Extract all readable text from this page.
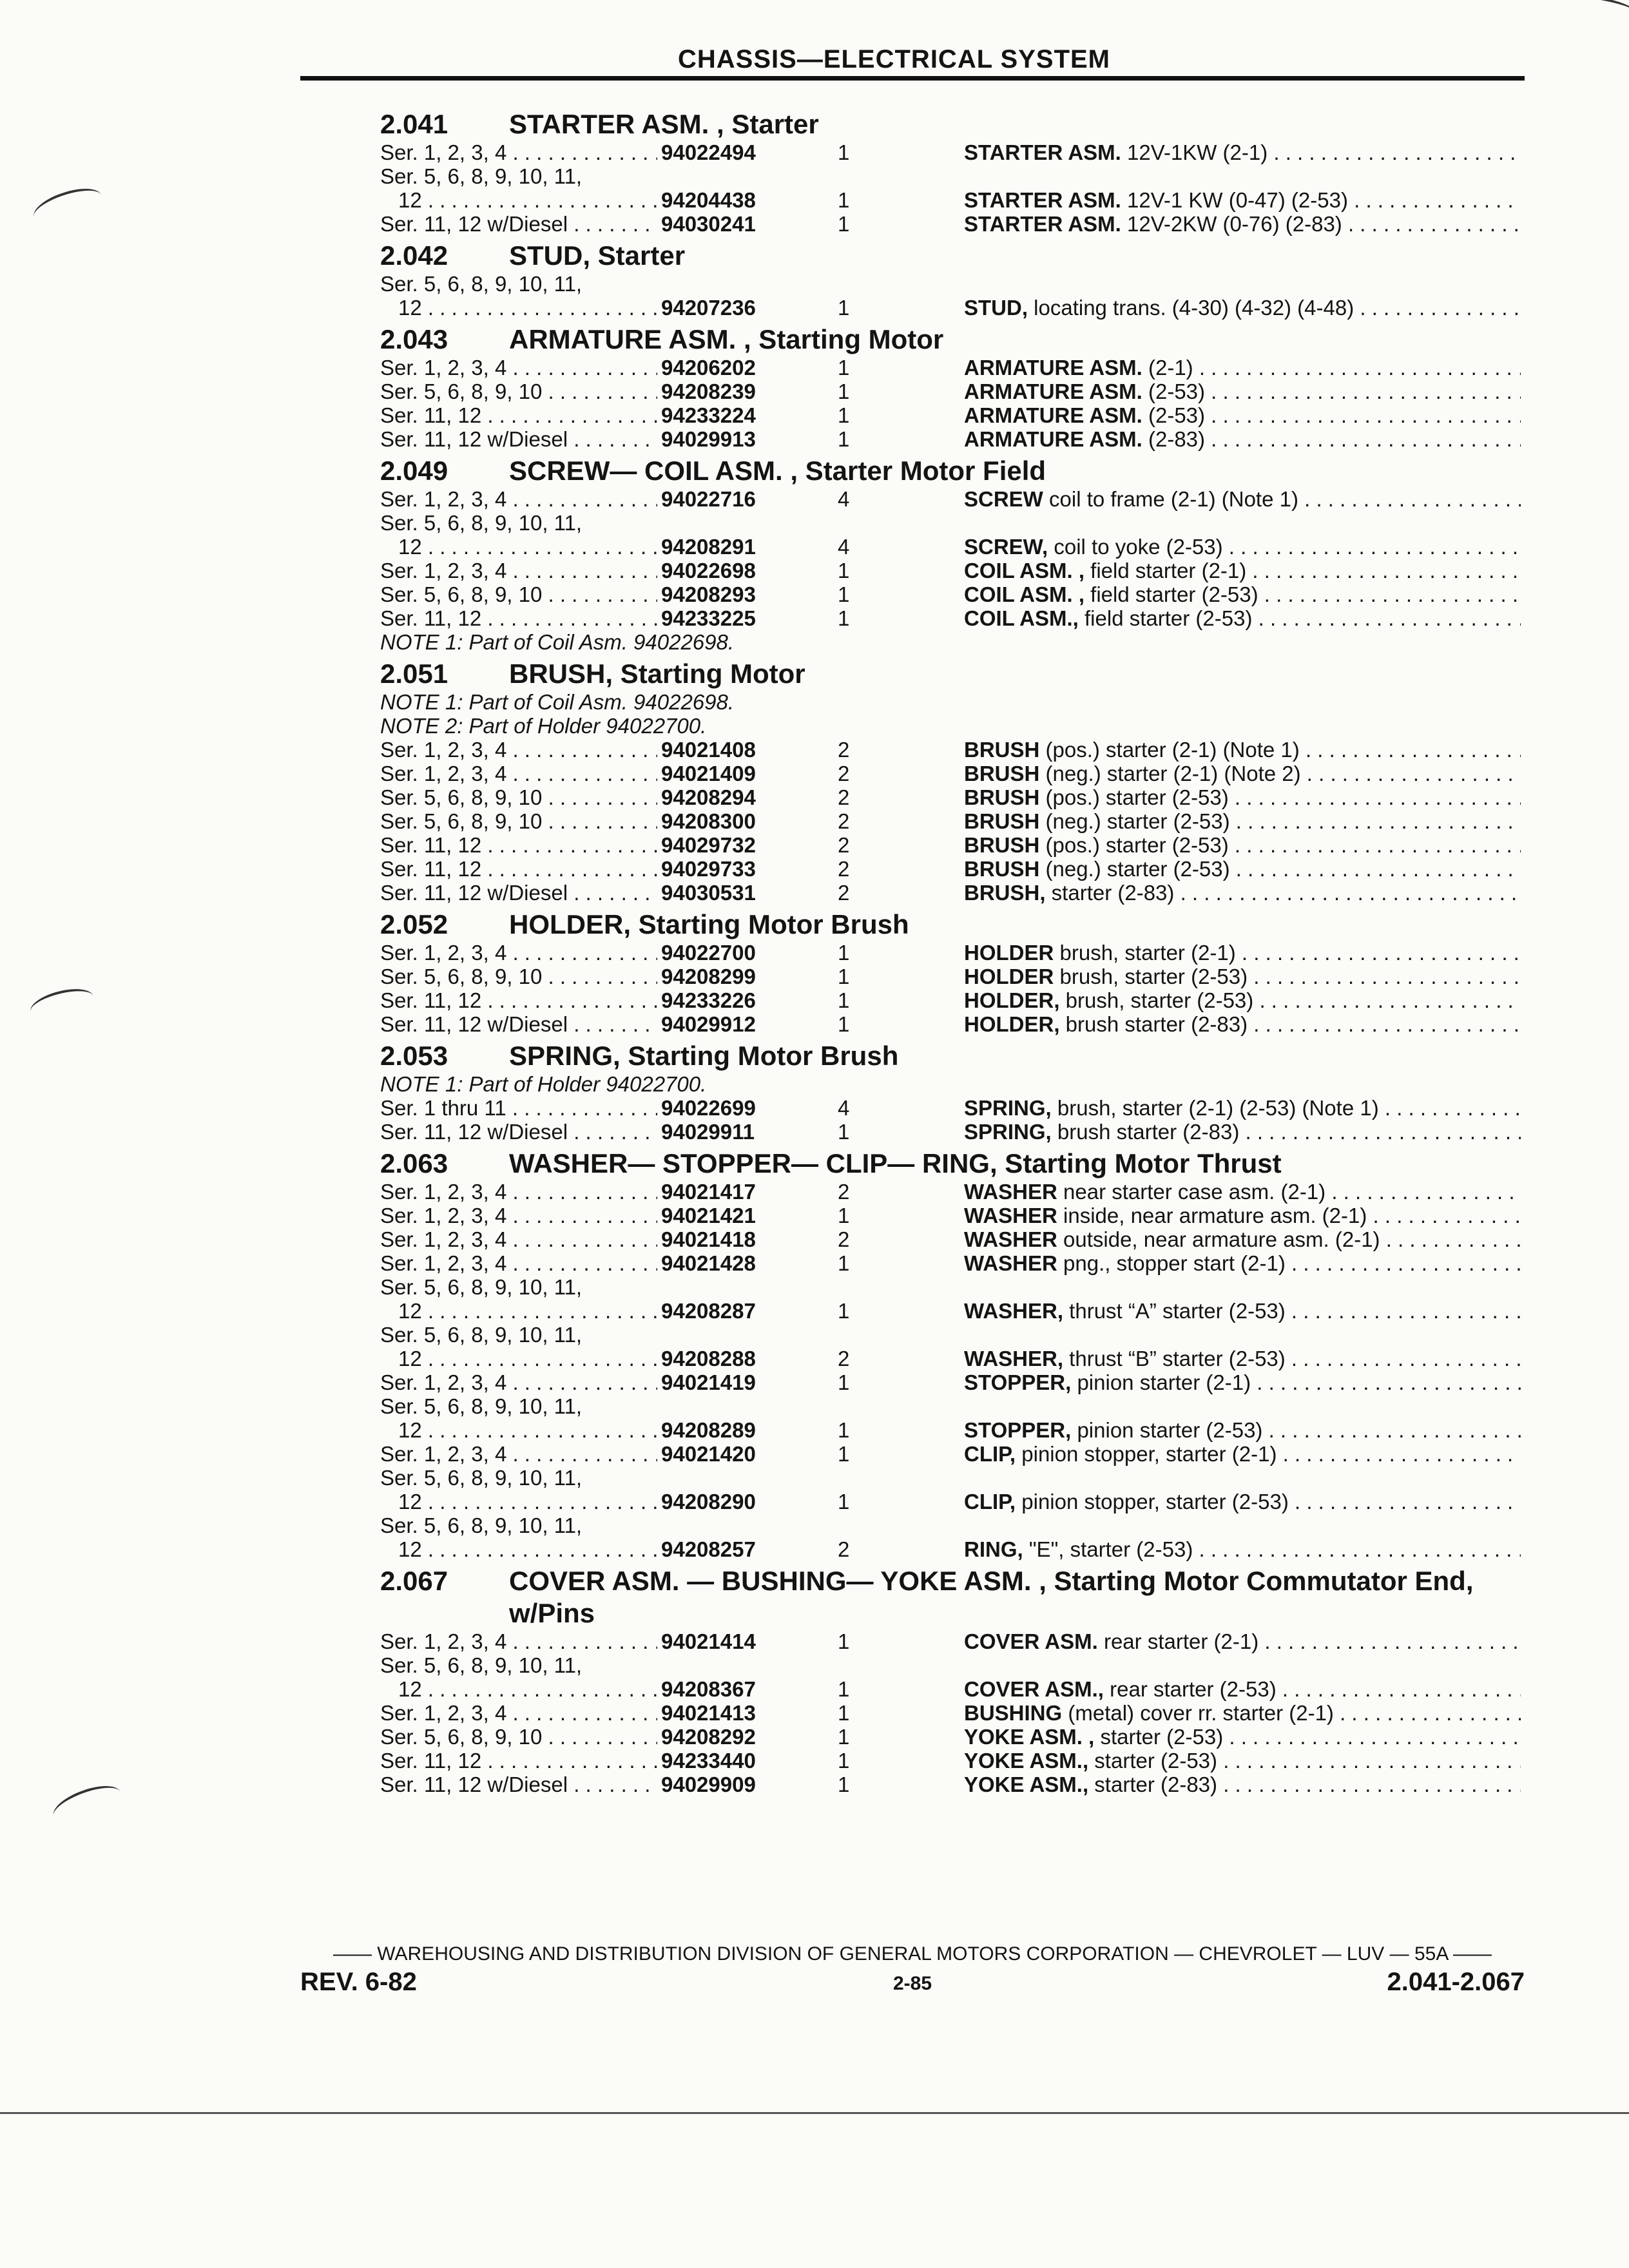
CHASSIS—ELECTRICAL SYSTEM
2.041	STARTER ASM. , Starter
Ser. 1, 2, 3, 4 . . .	94022494	1	STARTER ASM. 12V-1KW (2-1) . . .
Ser. 5, 6, 8, 9, 10, 11,
12 . . .	94204438	1	STARTER ASM. 12V-1 KW (0-47) (2-53) . . .
Ser. 11, 12 w/Diesel . . .	94030241	1	STARTER ASM. 12V-2KW (0-76) (2-83) . . .
2.042	STUD, Starter
Ser. 5, 6, 8, 9, 10, 11,
12 . . .	94207236	1	STUD, locating trans. (4-30) (4-32) (4-48) . . .
2.043	ARMATURE ASM. , Starting Motor
Ser. 1, 2, 3, 4 . . .	94206202	1	ARMATURE ASM. (2-1) . . .
Ser. 5, 6, 8, 9, 10 . . .	94208239	1	ARMATURE ASM. (2-53) . . .
Ser. 11, 12 . . .	94233224	1	ARMATURE ASM. (2-53) . . .
Ser. 11, 12 w/Diesel . . .	94029913	1	ARMATURE ASM. (2-83) . . .
2.049	SCREW— COIL ASM. , Starter Motor Field
Ser. 1, 2, 3, 4 . . .	94022716	4	SCREW coil to frame (2-1) (Note 1) . . .
Ser. 5, 6, 8, 9, 10, 11,
12 . . .	94208291	4	SCREW, coil to yoke (2-53) . . .
Ser. 1, 2, 3, 4 . . .	94022698	1	COIL ASM. , field starter (2-1) . . .
Ser. 5, 6, 8, 9, 10 . . .	94208293	1	COIL ASM. , field starter (2-53) . . .
Ser. 11, 12 . . .	94233225	1	COIL ASM., field starter (2-53) . . .
NOTE 1: Part of Coil Asm. 94022698.
2.051	BRUSH, Starting Motor
NOTE 1: Part of Coil Asm. 94022698.
NOTE 2: Part of Holder 94022700.
Ser. 1, 2, 3, 4 . . .	94021408	2	BRUSH (pos.) starter (2-1) (Note 1) . . .
Ser. 1, 2, 3, 4 . . .	94021409	2	BRUSH (neg.) starter (2-1) (Note 2) . . .
Ser. 5, 6, 8, 9, 10 . . .	94208294	2	BRUSH (pos.) starter (2-53) . . .
Ser. 5, 6, 8, 9, 10 . . .	94208300	2	BRUSH (neg.) starter (2-53) . . .
Ser. 11, 12 . . .	94029732	2	BRUSH (pos.) starter (2-53) . . .
Ser. 11, 12 . . .	94029733	2	BRUSH (neg.) starter (2-53) . . .
Ser. 11, 12 w/Diesel . . .	94030531	2	BRUSH, starter (2-83) . . .
2.052	HOLDER, Starting Motor Brush
Ser. 1, 2, 3, 4 . . .	94022700	1	HOLDER brush, starter (2-1) . . .
Ser. 5, 6, 8, 9, 10 . . .	94208299	1	HOLDER brush, starter (2-53) . . .
Ser. 11, 12 . . .	94233226	1	HOLDER, brush, starter (2-53) . . .
Ser. 11, 12 w/Diesel . . .	94029912	1	HOLDER, brush starter (2-83) . . .
2.053	SPRING, Starting Motor Brush
NOTE 1: Part of Holder 94022700.
Ser. 1 thru 11 . . .	94022699	4	SPRING, brush, starter (2-1) (2-53) (Note 1) . . .
Ser. 11, 12 w/Diesel . . .	94029911	1	SPRING, brush starter (2-83) . . .
2.063	WASHER— STOPPER— CLIP— RING, Starting Motor Thrust
Ser. 1, 2, 3, 4 . . .	94021417	2	WASHER near starter case asm. (2-1) . . .
Ser. 1, 2, 3, 4 . . .	94021421	1	WASHER inside, near armature asm. (2-1) . . .
Ser. 1, 2, 3, 4 . . .	94021418	2	WASHER outside, near armature asm. (2-1) . . .
Ser. 1, 2, 3, 4 . . .	94021428	1	WASHER png., stopper start (2-1) . . .
Ser. 5, 6, 8, 9, 10, 11,
12 . . .	94208287	1	WASHER, thrust “A” starter (2-53) . . .
Ser. 5, 6, 8, 9, 10, 11,
12 . . .	94208288	2	WASHER, thrust “B” starter (2-53) . . .
Ser. 1, 2, 3, 4 . . .	94021419	1	STOPPER, pinion starter (2-1) . . .
Ser. 5, 6, 8, 9, 10, 11,
12 . . .	94208289	1	STOPPER, pinion starter (2-53) . . .
Ser. 1, 2, 3, 4 . . .	94021420	1	CLIP, pinion stopper, starter (2-1) . . .
Ser. 5, 6, 8, 9, 10, 11,
12 . . .	94208290	1	CLIP, pinion stopper, starter (2-53) . . .
Ser. 5, 6, 8, 9, 10, 11,
12 . . .	94208257	2	RING, "E", starter (2-53) . . .
2.067	COVER ASM. — BUSHING— YOKE ASM. , Starting Motor Commutator End, w/Pins
Ser. 1, 2, 3, 4 . . .	94021414	1	COVER ASM. rear starter (2-1) . . .
Ser. 5, 6, 8, 9, 10, 11,
12 . . .	94208367	1	COVER ASM., rear starter (2-53) . . .
Ser. 1, 2, 3, 4 . . .	94021413	1	BUSHING (metal) cover rr. starter (2-1) . . .
Ser. 5, 6, 8, 9, 10 . . .	94208292	1	YOKE ASM. , starter (2-53) . . .
Ser. 11, 12 . . .	94233440	1	YOKE ASM., starter (2-53) . . .
Ser. 11, 12 w/Diesel . . .	94029909	1	YOKE ASM., starter (2-83) . . .
—— WAREHOUSING AND DISTRIBUTION DIVISION OF GENERAL MOTORS CORPORATION — CHEVROLET — LUV — 55A ——
REV. 6-82	2-85	2.041-2.067
